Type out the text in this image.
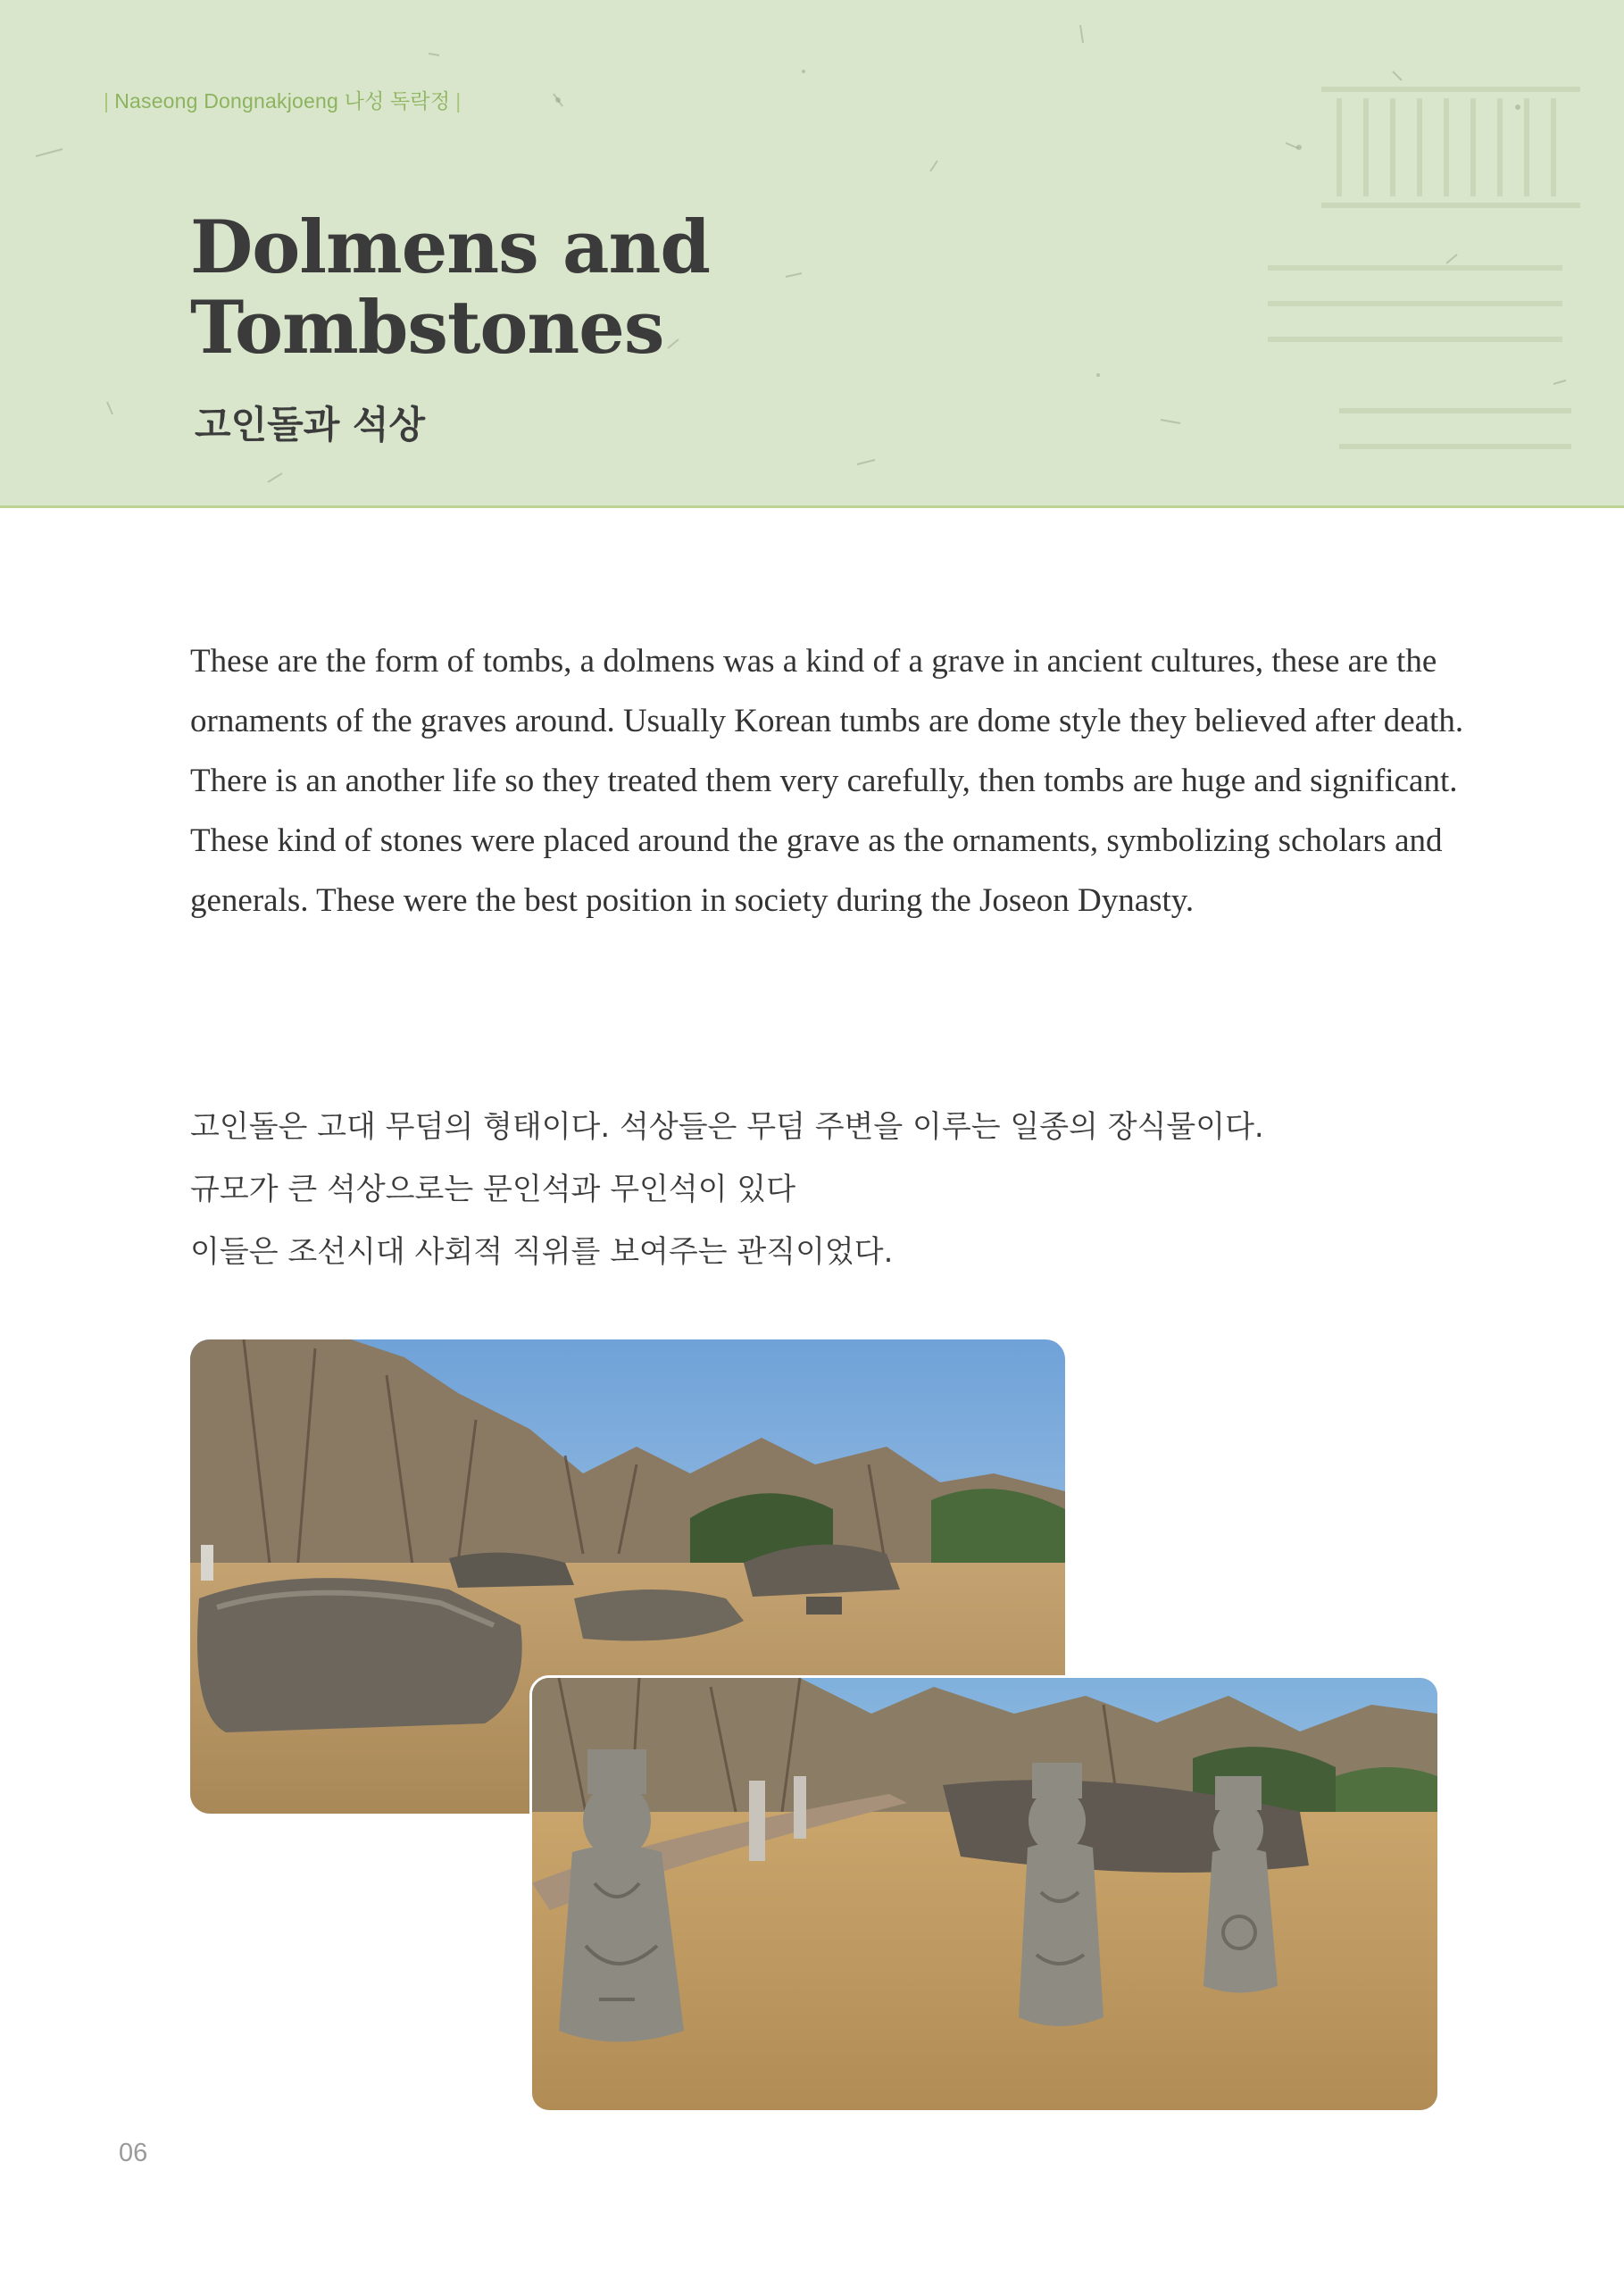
| Naseong Dongnakjoeng 나성 독락정 |
Dolmens and
Tombstones
고인돌과 석상

These are the form of tombs, a dolmens was a kind of a grave in ancient cultures, these are the ornaments of the graves around. Usually Korean tumbs are dome style they believed after death.

There is an another life so they treated them very carefully, then tombs are huge and significant. These kind of stones were placed around the grave as the ornaments, symbolizing scholars and generals. These were the best position in society during the Joseon Dynasty.

고인돌은 고대 무덤의 형태이다. 석상들은 무덤 주변을 이루는 일종의 장식물이다.

규모가 큰 석상으로는 문인석과 무인석이 있다

이들은 조선시대 사회적 직위를 보여주는 관직이었다.

06
